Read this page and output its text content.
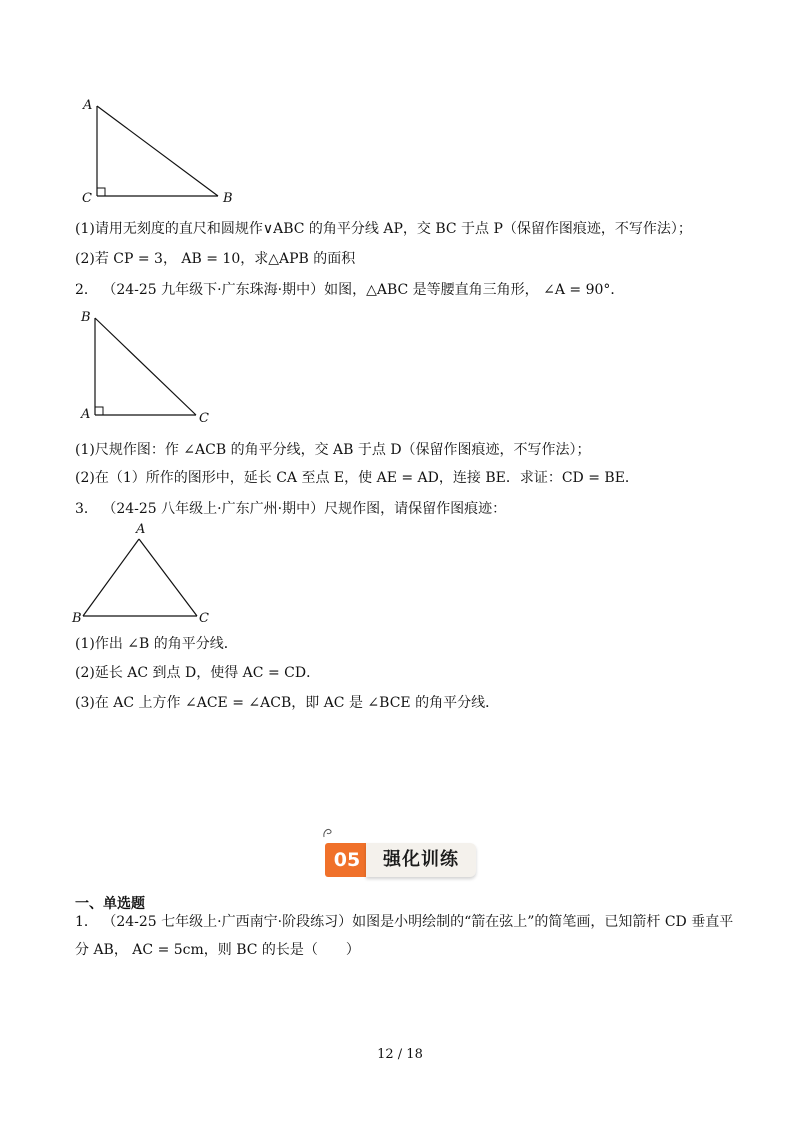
A
C	B
(1)请用无刻度的直尺和圆规作∨ABC 的角平分线 AP，交 BC 于点 P（保留作图痕迹，不写作法）；
(2)若 CP = 3， AB = 10，求△APB 的面积
2． （24-25 九年级下·广东珠海·期中）如图，△ABC 是等腰直角三角形， ∠A = 90°．
B
A	C
(1)尺规作图：作 ∠ACB 的角平分线，交 AB 于点 D（保留作图痕迹，不写作法）；
(2)在（1）所作的图形中，延长 CA 至点 E，使 AE = AD，连接 BE．求证：CD = BE．
3． （24-25 八年级上·广东广州·期中）尺规作图，请保留作图痕迹：
A
B	C
(1)作出 ∠B 的角平分线．
(2)延长 AC 到点 D，使得 AC = CD．
(3)在 AC 上方作 ∠ACE = ∠ACB，即 AC 是 ∠BCE 的角平分线．
05	强化训练
一、单选题
1． （24-25 七年级上·广西南宁·阶段练习）如图是小明绘制的“箭在弦上”的简笔画，已知箭杆 CD 垂直平
分 AB， AC = 5cm，则 BC 的长是（　　）
12 / 18
